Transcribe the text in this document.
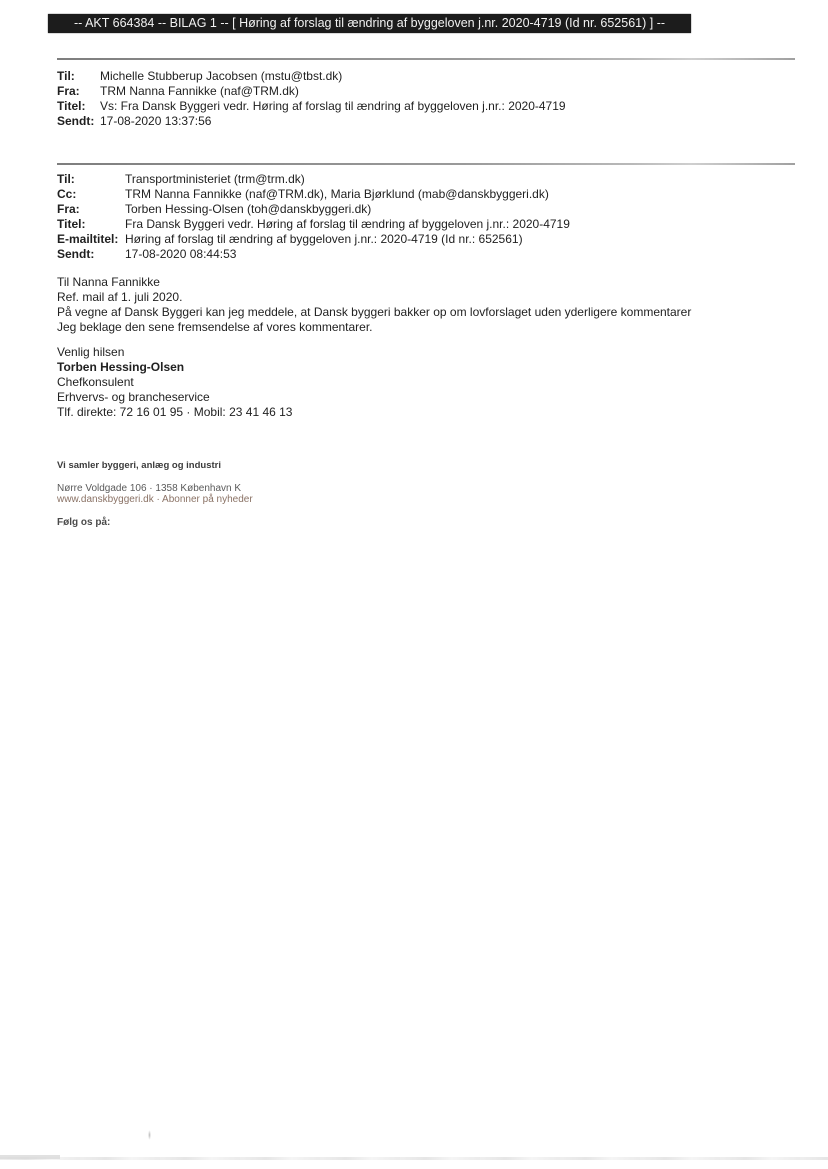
-- AKT 664384 -- BILAG 1 -- [ Høring af forslag til ændring af byggeloven j.nr. 2020-4719 (Id nr. 652561) ] --
Til:	Michelle Stubberup Jacobsen (mstu@tbst.dk)
Fra:	TRM Nanna Fannikke (naf@TRM.dk)
Titel:	Vs: Fra Dansk Byggeri vedr. Høring af forslag til ændring af byggeloven j.nr.: 2020-4719
Sendt: 17-08-2020 13:37:56
Til:	Transportministeriet (trm@trm.dk)
Cc:	TRM Nanna Fannikke (naf@TRM.dk), Maria Bjørklund (mab@danskbyggeri.dk)
Fra:	Torben Hessing-Olsen (toh@danskbyggeri.dk)
Titel:	Fra Dansk Byggeri vedr. Høring af forslag til ændring af byggeloven j.nr.: 2020-4719
E-mailtitel: Høring af forslag til ændring af byggeloven j.nr.: 2020-4719 (Id nr.: 652561)
Sendt:	17-08-2020 08:44:53
Til Nanna Fannikke
Ref. mail af 1. juli 2020.
På vegne af Dansk Byggeri kan jeg meddele, at Dansk byggeri bakker op om lovforslaget uden yderligere kommentarer
Jeg beklage den sene fremsendelse af vores kommentarer.
Venlig hilsen
Torben Hessing-Olsen
Chefkonsulent
Erhvervs- og brancheservice
Tlf. direkte: 72 16 01 95 · Mobil: 23 41 46 13
Vi samler byggeri, anlæg og industri
Nørre Voldgade 106 · 1358 København K
www.danskbyggeri.dk · Abonner på nyheder
Følg os på:
